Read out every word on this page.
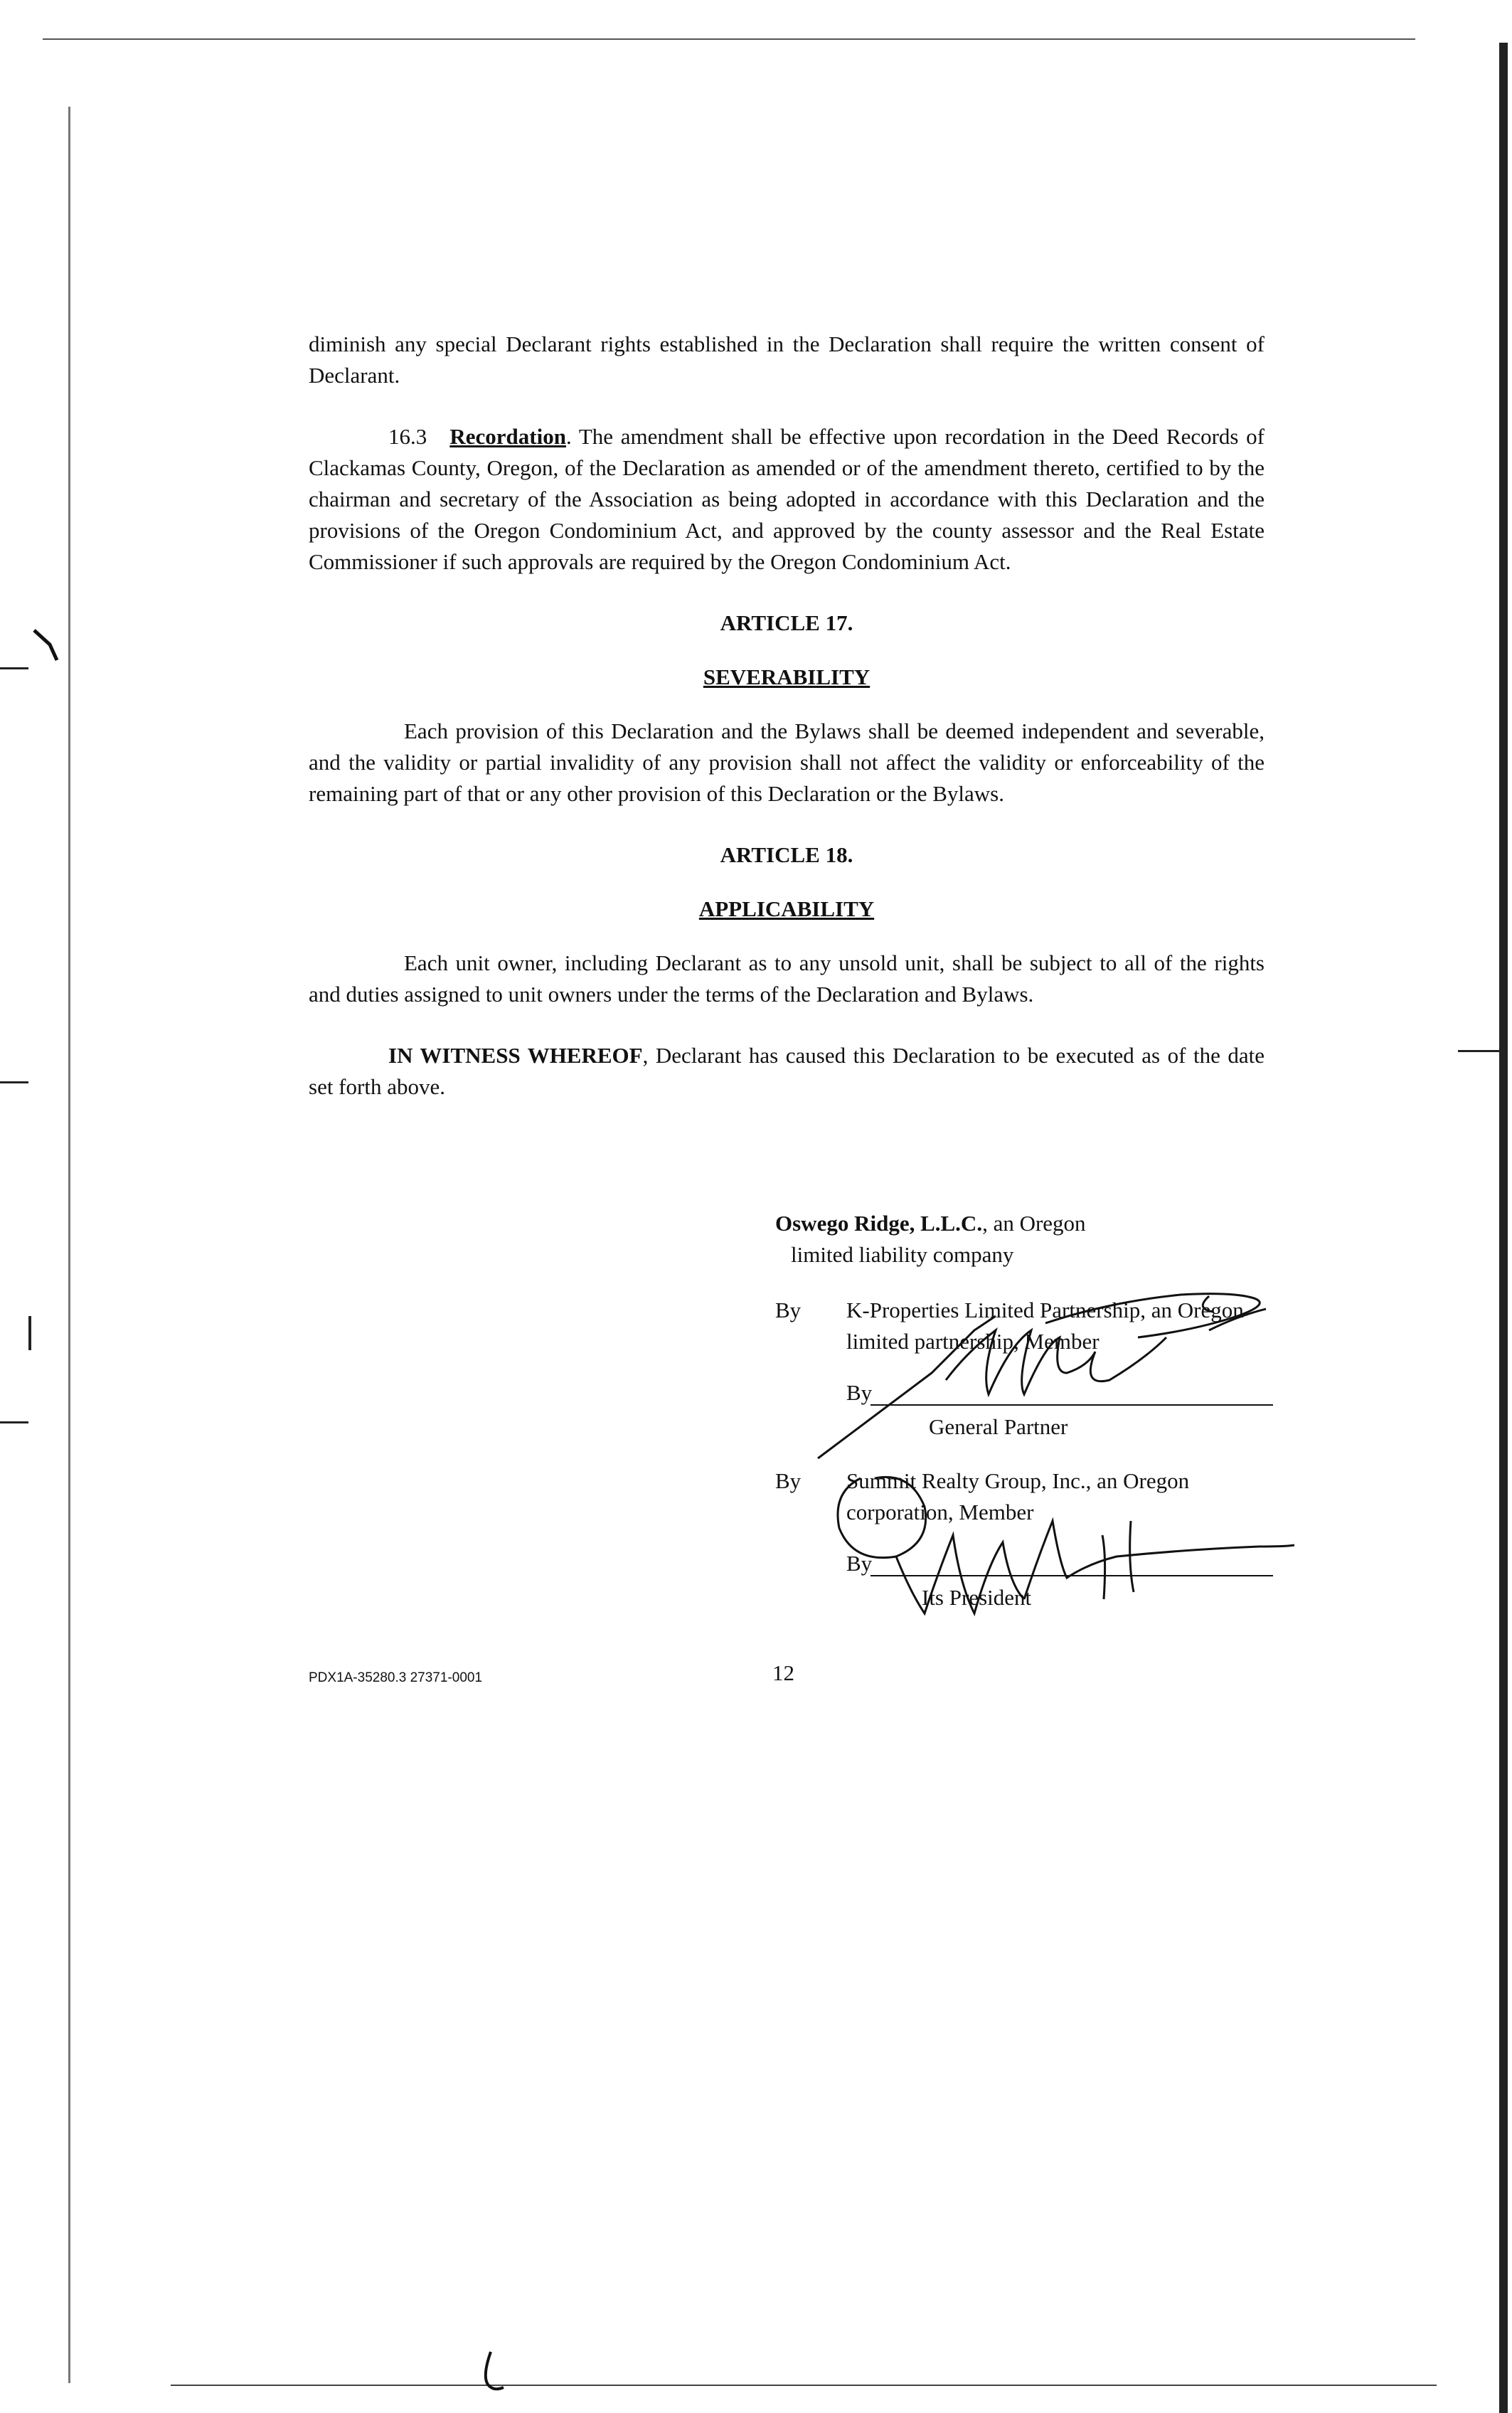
diminish any special Declarant rights established in the Declaration shall require the written consent of Declarant.

16.3 Recordation. The amendment shall be effective upon recordation in the Deed Records of Clackamas County, Oregon, of the Declaration as amended or of the amendment thereto, certified to by the chairman and secretary of the Association as being adopted in accordance with this Declaration and the provisions of the Oregon Condominium Act, and approved by the county assessor and the Real Estate Commissioner if such approvals are required by the Oregon Condominium Act.

ARTICLE 17.
SEVERABILITY

Each provision of this Declaration and the Bylaws shall be deemed independent and severable, and the validity or partial invalidity of any provision shall not affect the validity or enforceability of the remaining part of that or any other provision of this Declaration or the Bylaws.

ARTICLE 18.
APPLICABILITY

Each unit owner, including Declarant as to any unsold unit, shall be subject to all of the rights and duties assigned to unit owners under the terms of the Declaration and Bylaws.

IN WITNESS WHEREOF, Declarant has caused this Declaration to be executed as of the date set forth above.

Oswego Ridge, L.L.C., an Oregon
limited liability company
By	K-Properties Limited Partnership, an Oregon limited partnership, Member
By
General Partner
By	Summit Realty Group, Inc., an Oregon corporation, Member
By
Its President
PDX1A-35280.3 27371-0001	12
